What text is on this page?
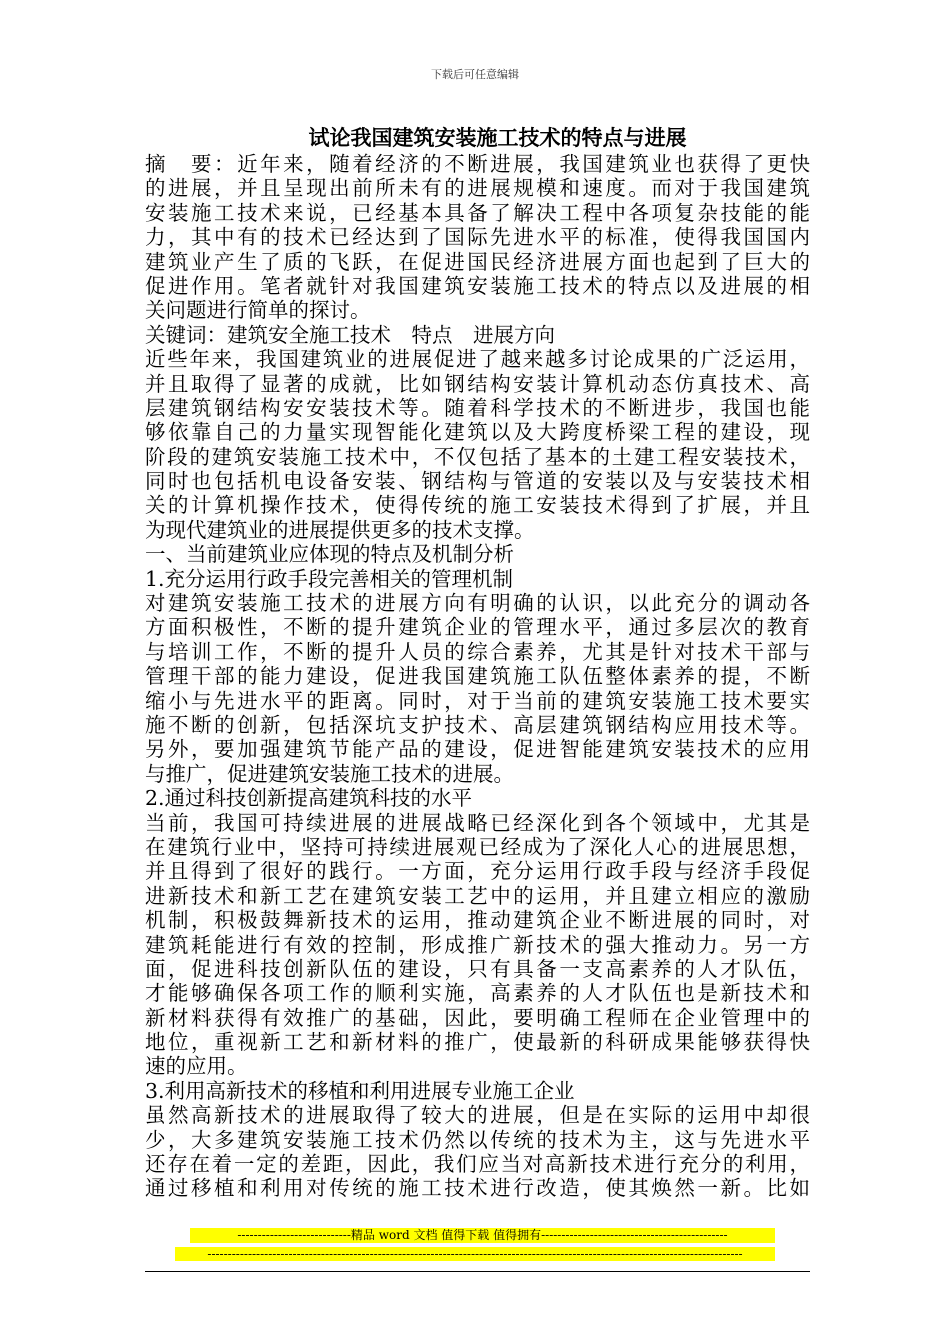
下载后可任意编辑
试论我国建筑安装施工技术的特点与进展
摘　要：近年来，随着经济的不断进展，我国建筑业也获得了更快
的进展，并且呈现出前所未有的进展规模和速度。而对于我国建筑
安装施工技术来说，已经基本具备了解决工程中各项复杂技能的能
力，其中有的技术已经达到了国际先进水平的标准，使得我国国内
建筑业产生了质的飞跃，在促进国民经济进展方面也起到了巨大的
促进作用。笔者就针对我国建筑安装施工技术的特点以及进展的相
关问题进行简单的探讨。
关键词：建筑安全施工技术　特点　进展方向
近些年来，我国建筑业的进展促进了越来越多讨论成果的广泛运用，
并且取得了显著的成就，比如钢结构安装计算机动态仿真技术、高
层建筑钢结构安安装技术等。随着科学技术的不断进步，我国也能
够依靠自己的力量实现智能化建筑以及大跨度桥梁工程的建设，现
阶段的建筑安装施工技术中，不仅包括了基本的土建工程安装技术，
同时也包括机电设备安装、钢结构与管道的安装以及与安装技术相
关的计算机操作技术，使得传统的施工安装技术得到了扩展，并且
为现代建筑业的进展提供更多的技术支撑。
一、当前建筑业应体现的特点及机制分析
1.充分运用行政手段完善相关的管理机制
对建筑安装施工技术的进展方向有明确的认识，以此充分的调动各
方面积极性，不断的提升建筑企业的管理水平，通过多层次的教育
与培训工作，不断的提升人员的综合素养，尤其是针对技术干部与
管理干部的能力建设，促进我国建筑施工队伍整体素养的提，不断
缩小与先进水平的距离。同时，对于当前的建筑安装施工技术要实
施不断的创新，包括深坑支护技术、高层建筑钢结构应用技术等。
另外，要加强建筑节能产品的建设，促进智能建筑安装技术的应用
与推广，促进建筑安装施工技术的进展。
2.通过科技创新提高建筑科技的水平
当前，我国可持续进展的进展战略已经深化到各个领域中，尤其是
在建筑行业中，坚持可持续进展观已经成为了深化人心的进展思想，
并且得到了很好的践行。一方面，充分运用行政手段与经济手段促
进新技术和新工艺在建筑安装工艺中的运用，并且建立相应的激励
机制，积极鼓舞新技术的运用，推动建筑企业不断进展的同时，对
建筑耗能进行有效的控制，形成推广新技术的强大推动力。另一方
面，促进科技创新队伍的建设，只有具备一支高素养的人才队伍，
才能够确保各项工作的顺利实施，高素养的人才队伍也是新技术和
新材料获得有效推广的基础，因此，要明确工程师在企业管理中的
地位，重视新工艺和新材料的推广，使最新的科研成果能够获得快
速的应用。
3.利用高新技术的移植和利用进展专业施工企业
虽然高新技术的进展取得了较大的进展，但是在实际的运用中却很
少，大多建筑安装施工技术仍然以传统的技术为主，这与先进水平
还存在着一定的差距，因此，我们应当对高新技术进行充分的利用，
通过移植和利用对传统的施工技术进行改造，使其焕然一新。比如
----------------------------精品 word 文档 值得下载 值得拥有----------------------------------------------
------------------------------------------------------------------------------------------------------------------------------------
